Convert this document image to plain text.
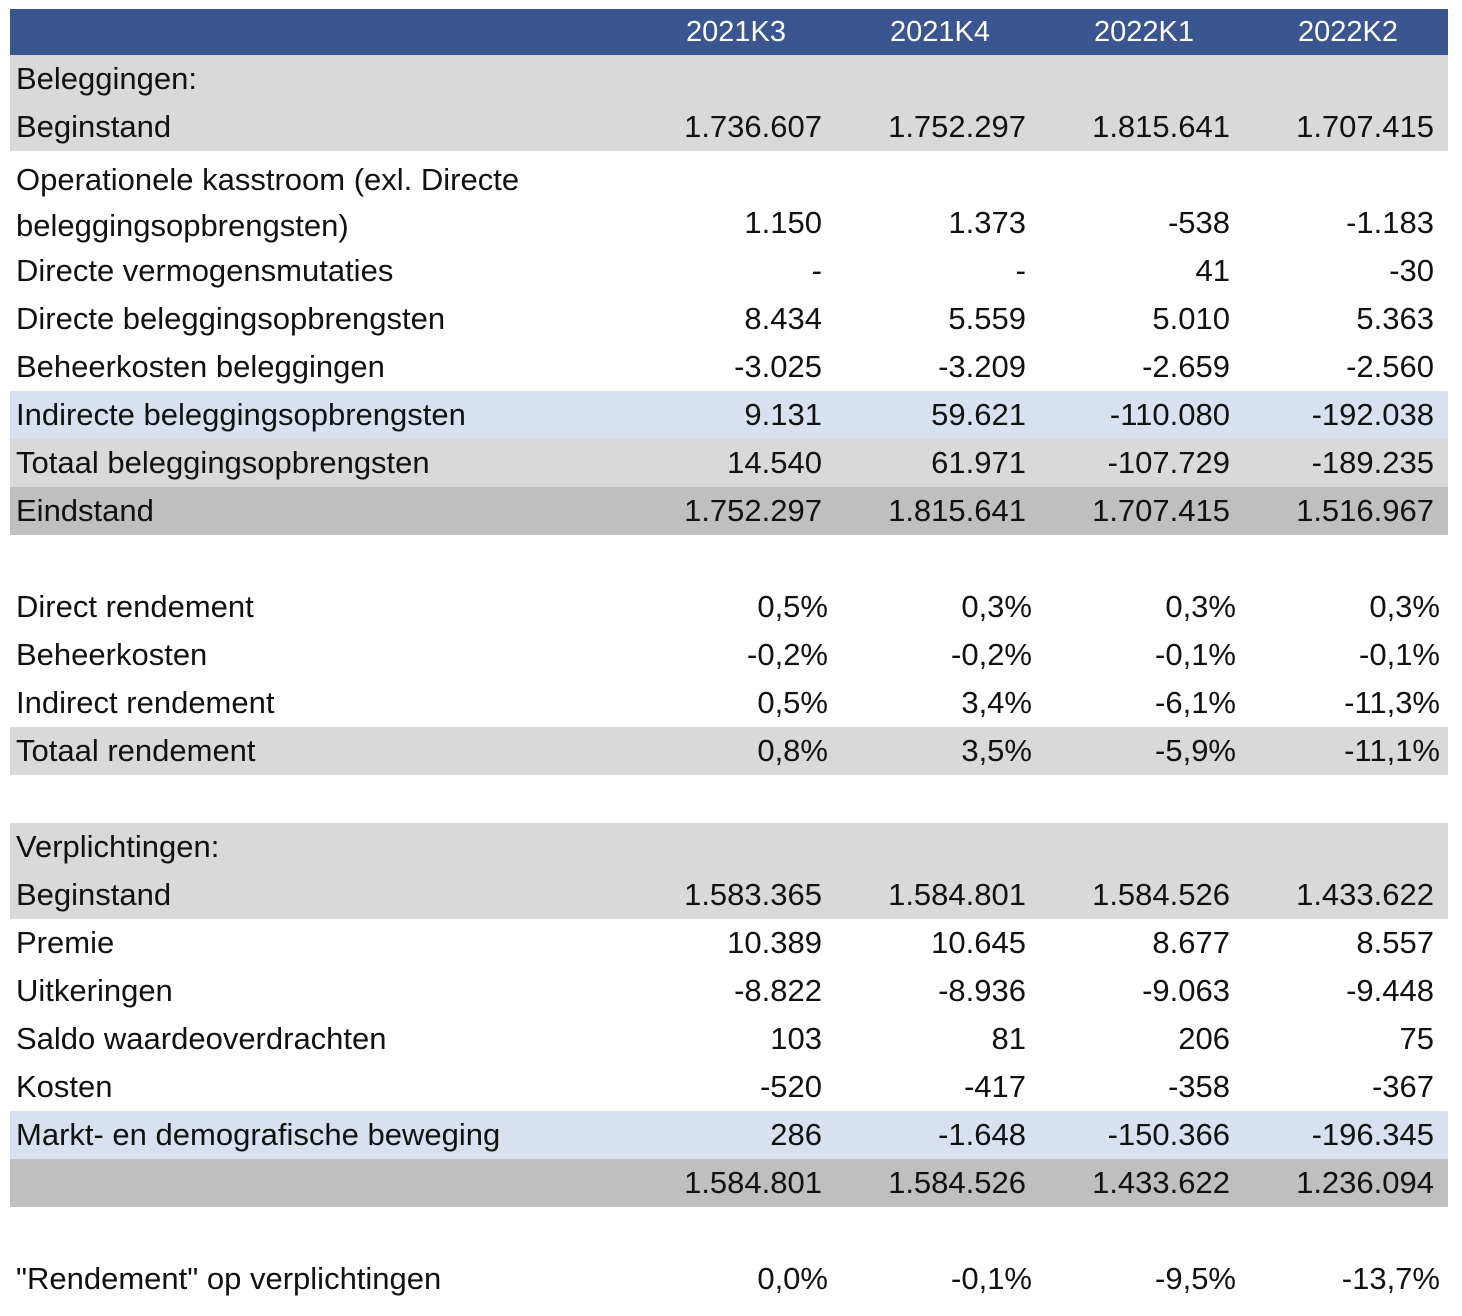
2021K3	2021K4	2022K1	2022K2
Beleggingen:
Beginstand	1.736.607	1.752.297	1.815.641	1.707.415
Operationele kasstroom (exl. Directe
beleggingsopbrengsten)	1.150	1.373	-538	-1.183
Directe vermogensmutaties	-	-	41	-30
Directe beleggingsopbrengsten	8.434	5.559	5.010	5.363
Beheerkosten beleggingen	-3.025	-3.209	-2.659	-2.560
Indirecte beleggingsopbrengsten	9.131	59.621	-110.080	-192.038
Totaal beleggingsopbrengsten	14.540	61.971	-107.729	-189.235
Eindstand	1.752.297	1.815.641	1.707.415	1.516.967
Direct rendement	0,5%	0,3%	0,3%	0,3%
Beheerkosten	-0,2%	-0,2%	-0,1%	-0,1%
Indirect rendement	0,5%	3,4%	-6,1%	-11,3%
Totaal rendement	0,8%	3,5%	-5,9%	-11,1%
Verplichtingen:
Beginstand	1.583.365	1.584.801	1.584.526	1.433.622
Premie	10.389	10.645	8.677	8.557
Uitkeringen	-8.822	-8.936	-9.063	-9.448
Saldo waardeoverdrachten	103	81	206	75
Kosten	-520	-417	-358	-367
Markt- en demografische beweging	286	-1.648	-150.366	-196.345
1.584.801	1.584.526	1.433.622	1.236.094
"Rendement" op verplichtingen	0,0%	-0,1%	-9,5%	-13,7%
